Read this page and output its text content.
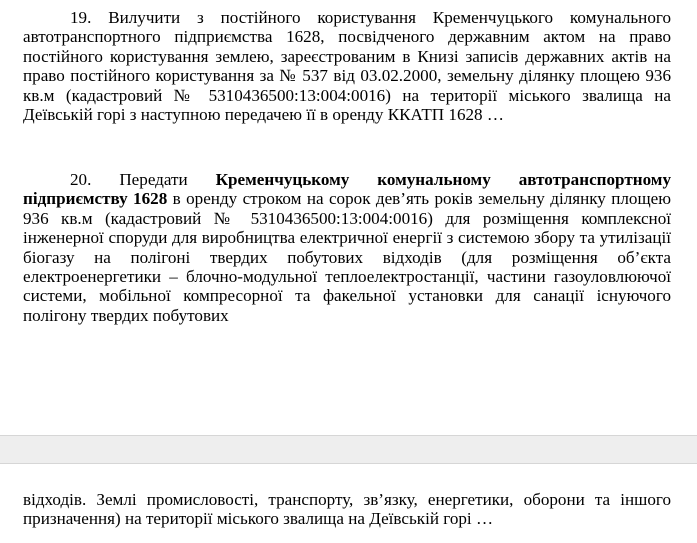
19. Вилучити з постійного користування Кременчуцького комунального автотранспортного підприємства 1628, посвідченого державним актом на право постійного користування землею, зареєстрованим в Книзі записів державних актів на право постійного користування за № 537 від 03.02.2000, земельну ділянку площею 936 кв.м (кадастровий № 5310436500:13:004:0016) на території міського звалища на Деївській горі з наступною передачею її в оренду ККАТП 1628 …

20. Передати Кременчуцькому комунальному автотранспортному підприємству 1628 в оренду строком на сорок дев’ять років земельну ділянку площею 936 кв.м (кадастровий № 5310436500:13:004:0016) для розміщення комплексної інженерної споруди для виробництва електричної енергії з системою збору та утилізації біогазу на полігоні твердих побутових відходів (для розміщення об’єкта електроенергетики – блочно-модульної теплоелектростанції, частини газоуловлюючої системи, мобільної компресорної та факельної установки для санації існуючого полігону твердих побутових

відходів. Землі промисловості, транспорту, зв’язку, енергетики, оборони та іншого призначення) на території міського звалища на Деївській горі …
